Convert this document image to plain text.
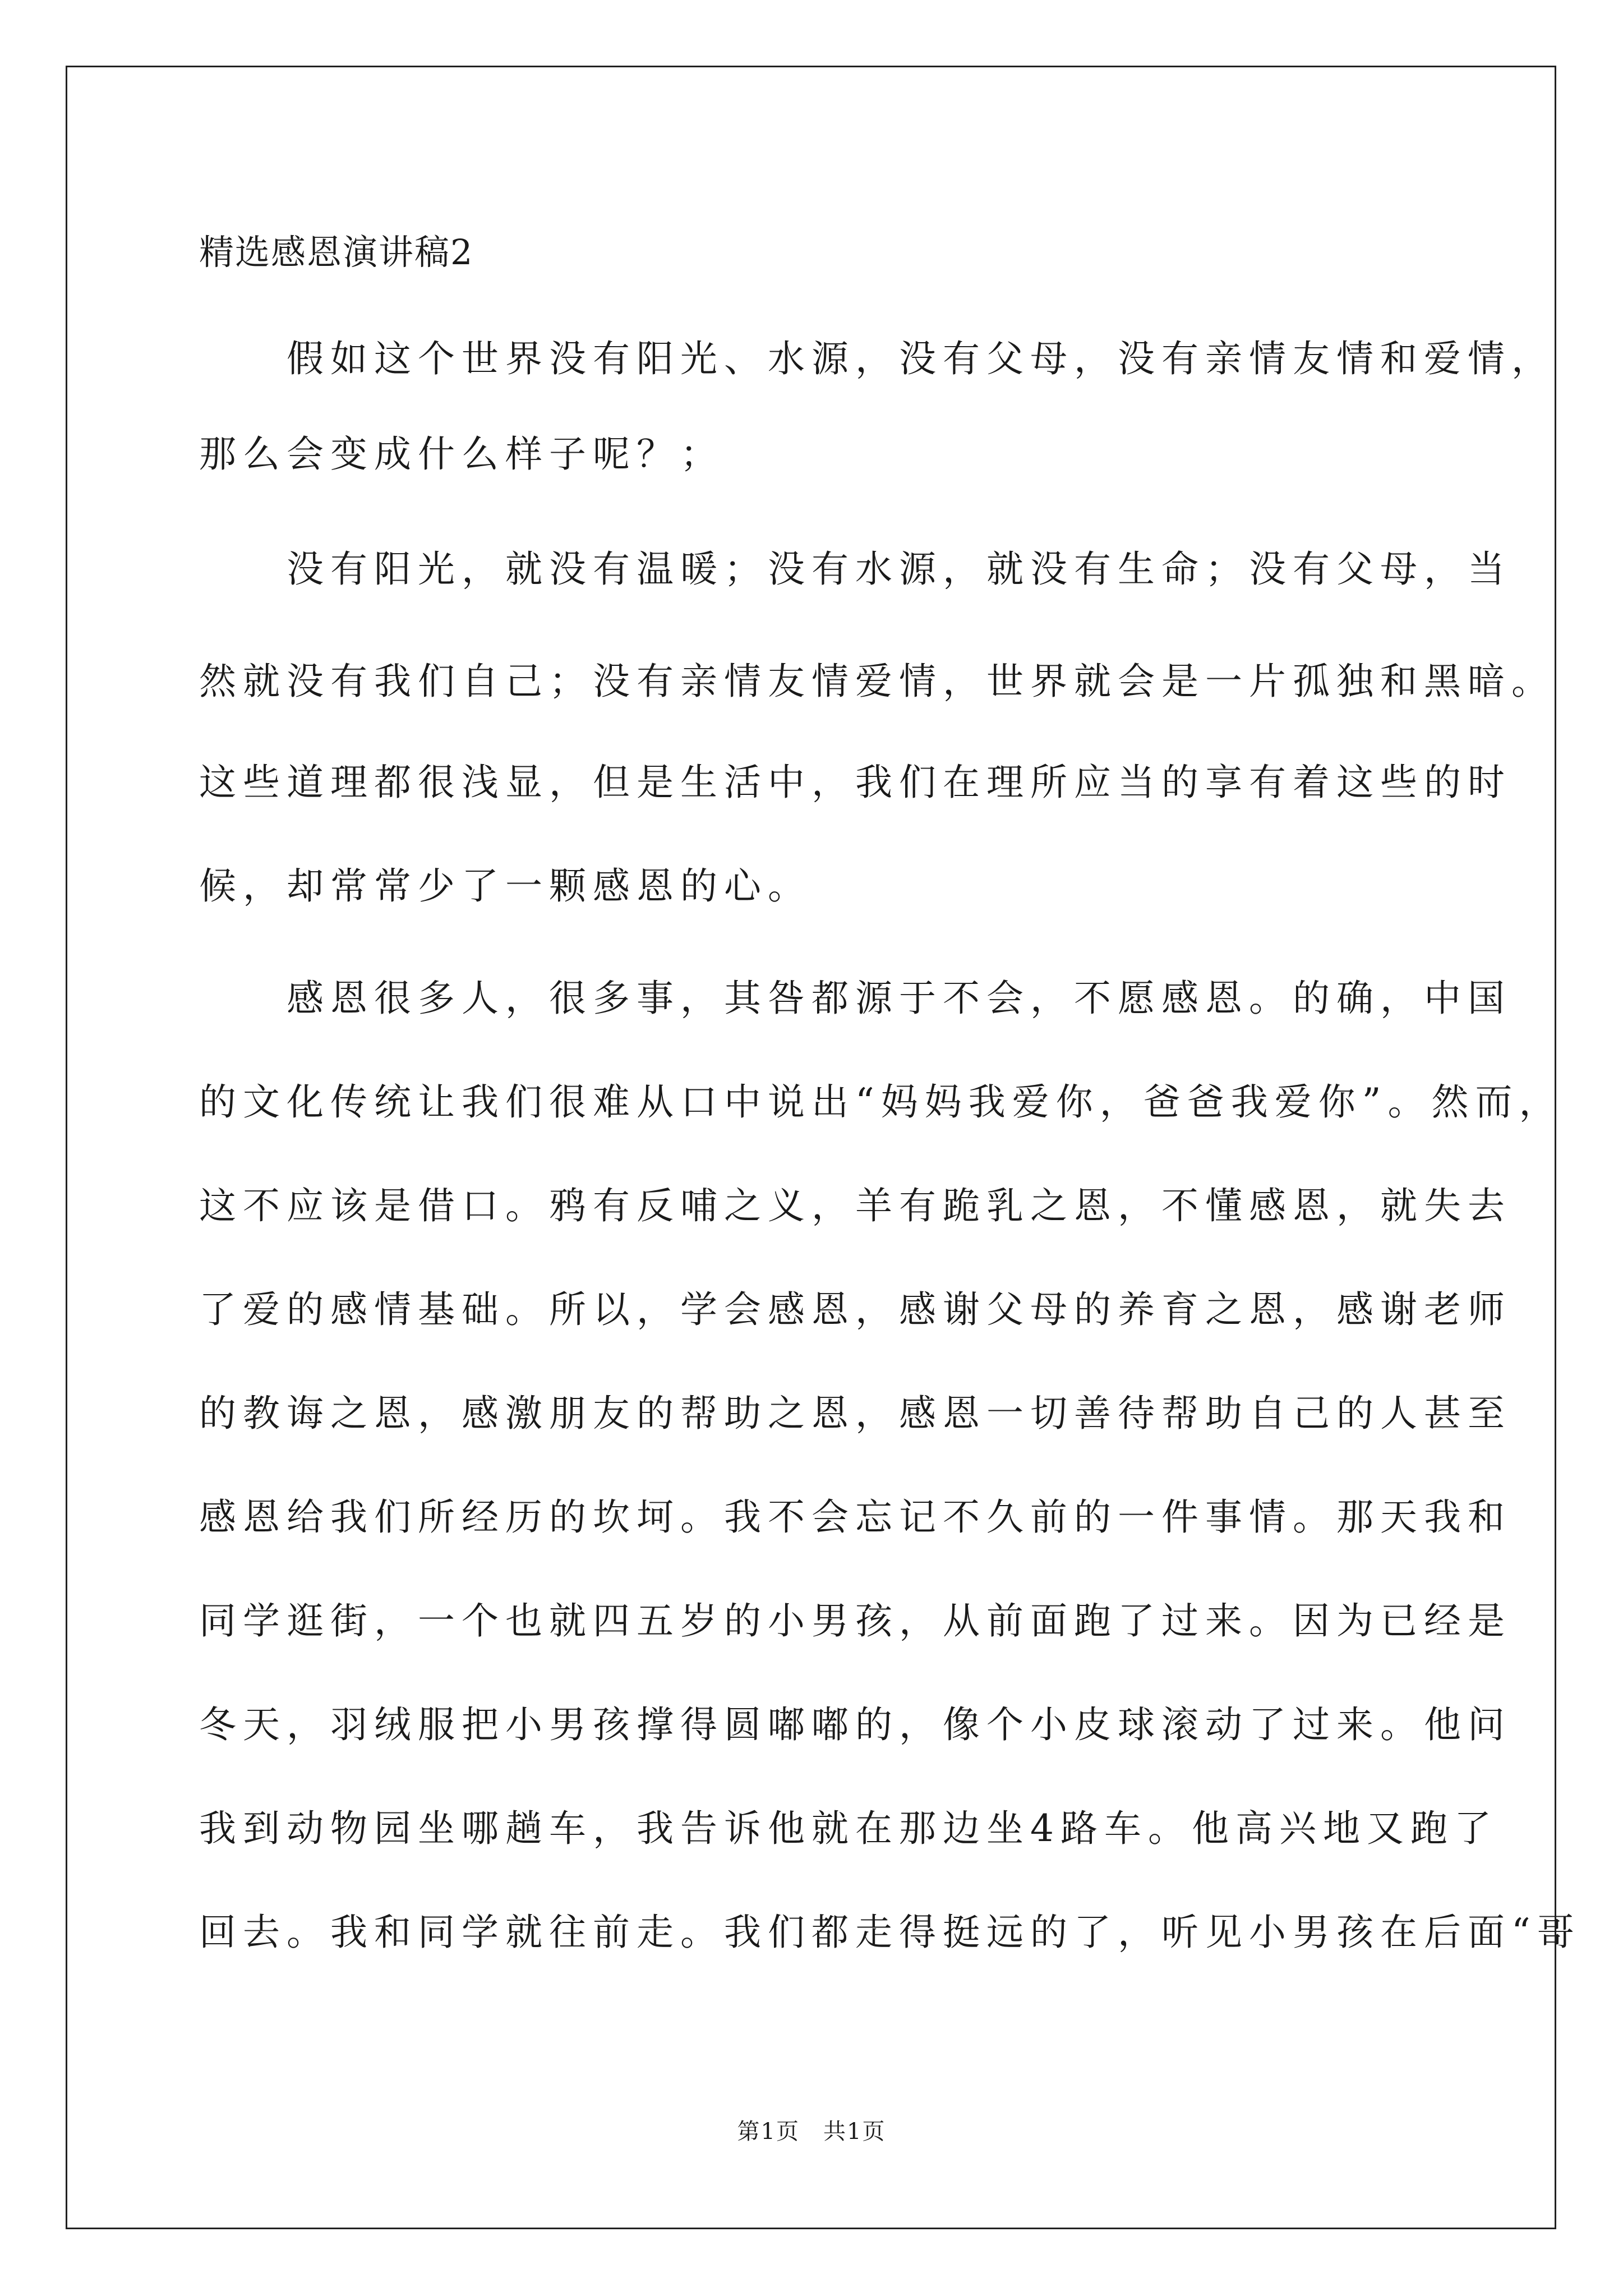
精选感恩演讲稿2
　　假如这个世界没有阳光、水源，没有父母，没有亲情友情和爱情，
那么会变成什么样子呢？；
　　没有阳光，就没有温暖；没有水源，就没有生命；没有父母，当
然就没有我们自己；没有亲情友情爱情，世界就会是一片孤独和黑暗。
这些道理都很浅显，但是生活中，我们在理所应当的享有着这些的时
候，却常常少了一颗感恩的心。
　　感恩很多人，很多事，其咎都源于不会，不愿感恩。的确，中国
的文化传统让我们很难从口中说出“妈妈我爱你，爸爸我爱你”。然而，
这不应该是借口。鸦有反哺之义，羊有跪乳之恩，不懂感恩，就失去
了爱的感情基础。所以，学会感恩，感谢父母的养育之恩，感谢老师
的教诲之恩，感激朋友的帮助之恩，感恩一切善待帮助自己的人甚至
感恩给我们所经历的坎坷。我不会忘记不久前的一件事情。那天我和
同学逛街，一个也就四五岁的小男孩，从前面跑了过来。因为已经是
冬天，羽绒服把小男孩撑得圆嘟嘟的，像个小皮球滚动了过来。他问
我到动物园坐哪趟车，我告诉他就在那边坐4路车。他高兴地又跑了
回去。我和同学就往前走。我们都走得挺远的了，听见小男孩在后面“哥
第1页　共1页
